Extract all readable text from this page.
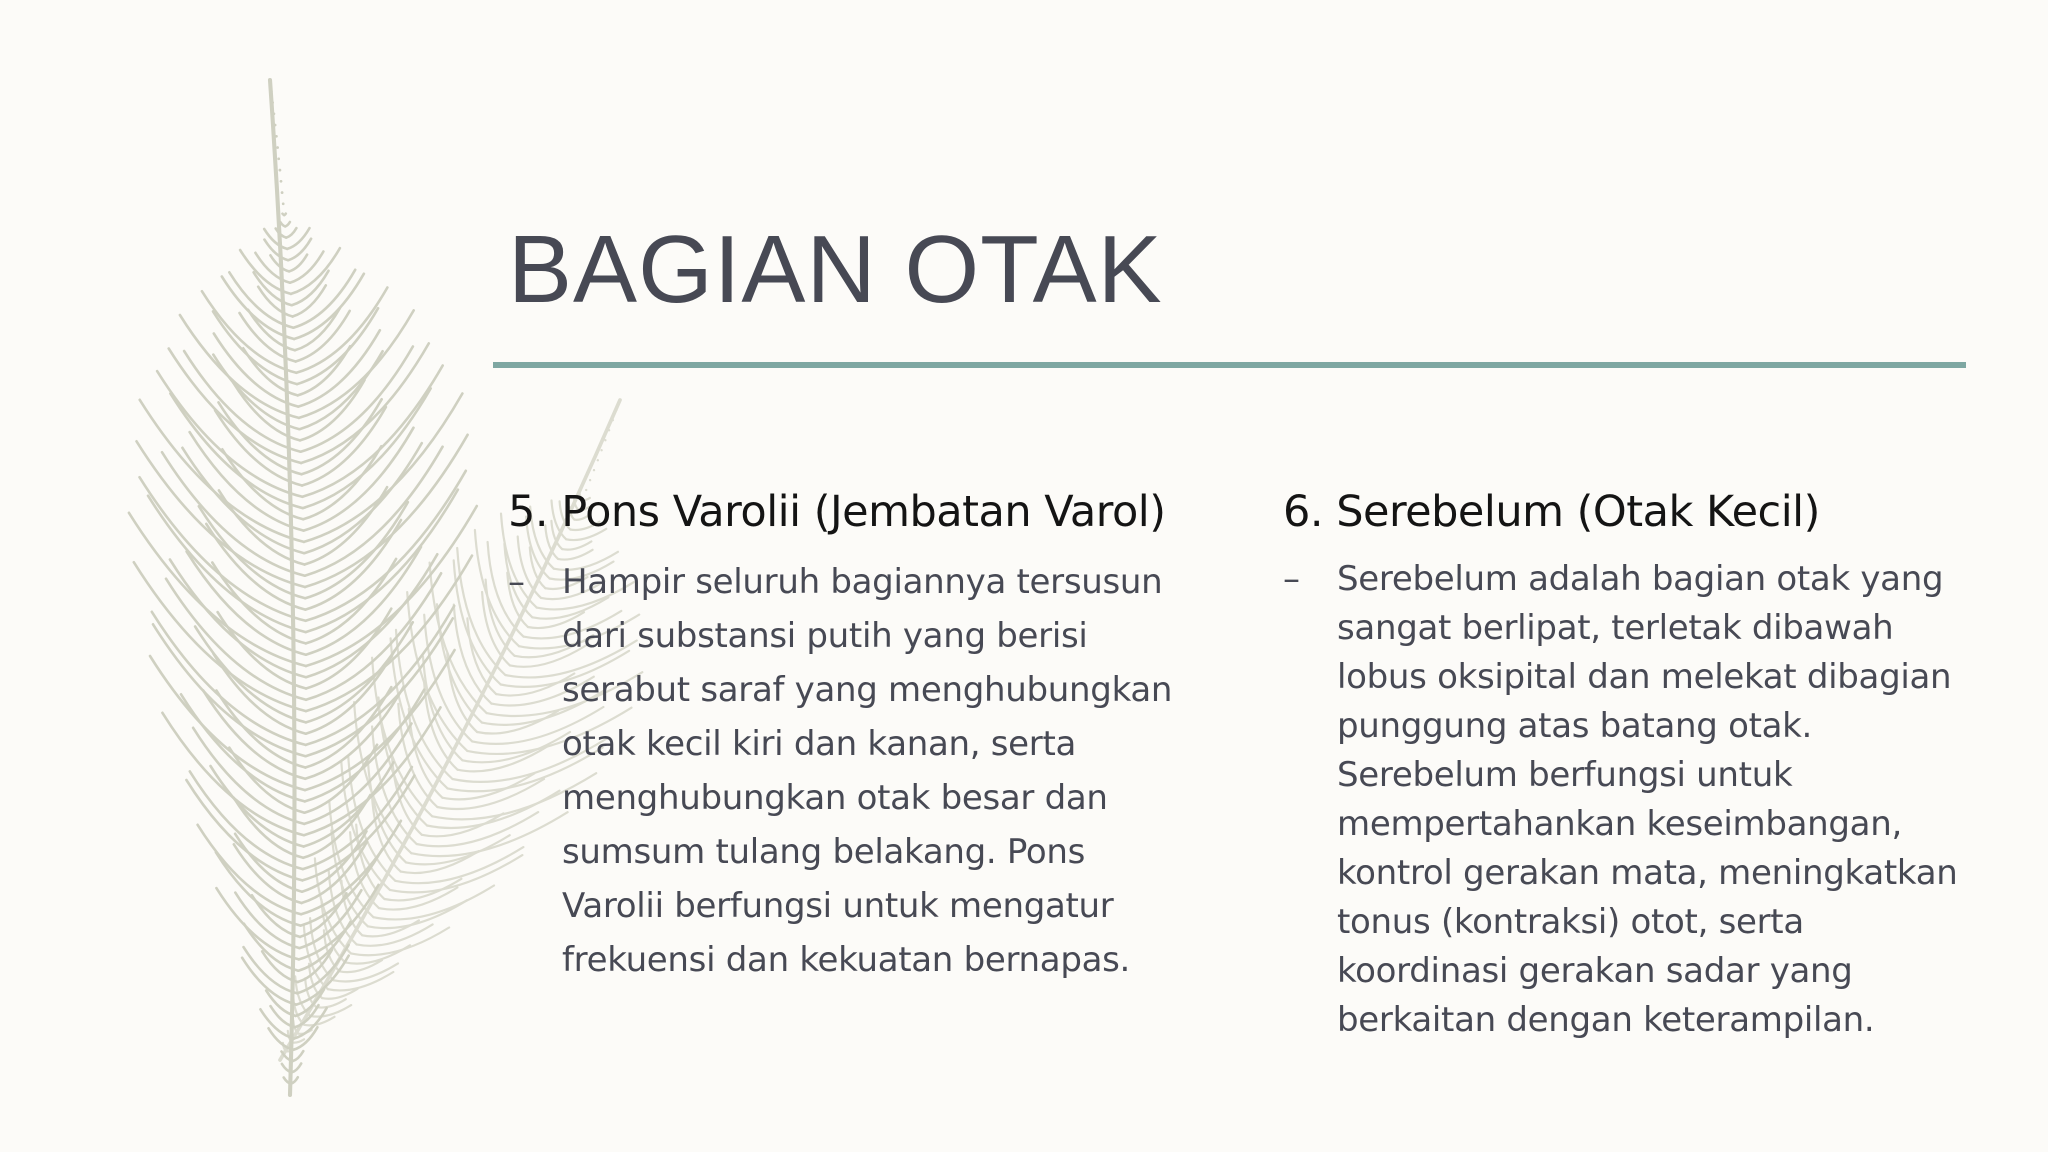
BAGIAN OTAK

5. Pons Varolii (Jembatan Varol)

– Hampir seluruh bagiannya tersusun dari substansi putih yang berisi serabut saraf yang menghubungkan otak kecil kiri dan kanan, serta menghubungkan otak besar dan sumsum tulang belakang. Pons Varolii berfungsi untuk mengatur frekuensi dan kekuatan bernapas.

6. Serebelum (Otak Kecil)

– Serebelum adalah bagian otak yang sangat berlipat, terletak dibawah lobus oksipital dan melekat dibagian punggung atas batang otak. Serebelum berfungsi untuk mempertahankan keseimbangan, kontrol gerakan mata, meningkatkan tonus (kontraksi) otot, serta koordinasi gerakan sadar yang berkaitan dengan keterampilan.
